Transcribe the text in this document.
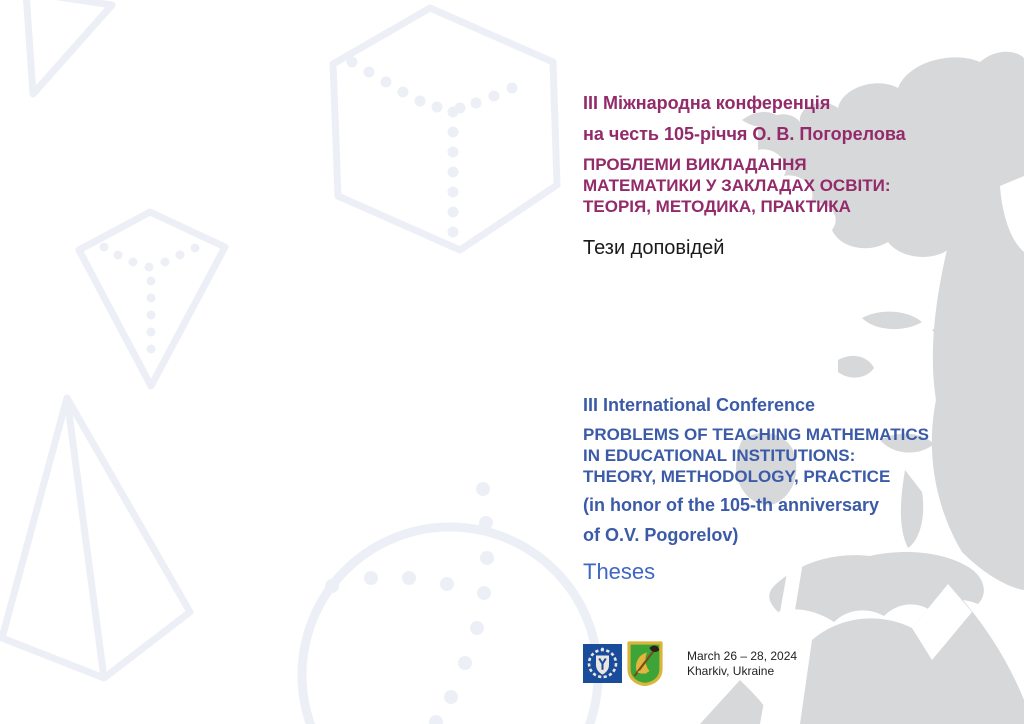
III Міжнародна конференція
на честь 105-річчя О. В. Погорелова
ПРОБЛЕМИ ВИКЛАДАННЯ
МАТЕМАТИКИ У ЗАКЛАДАХ ОСВІТИ:
ТЕОРІЯ, МЕТОДИКА, ПРАКТИКА
Тези доповідей
III International Conference
PROBLEMS OF TEACHING MATHEMATICS
IN EDUCATIONAL INSTITUTIONS:
THEORY, METHODOLOGY, PRACTICE
(in honor of the 105-th anniversary
of O.V. Pogorelov)
Theses
March 26 – 28, 2024
Kharkiv, Ukraine
